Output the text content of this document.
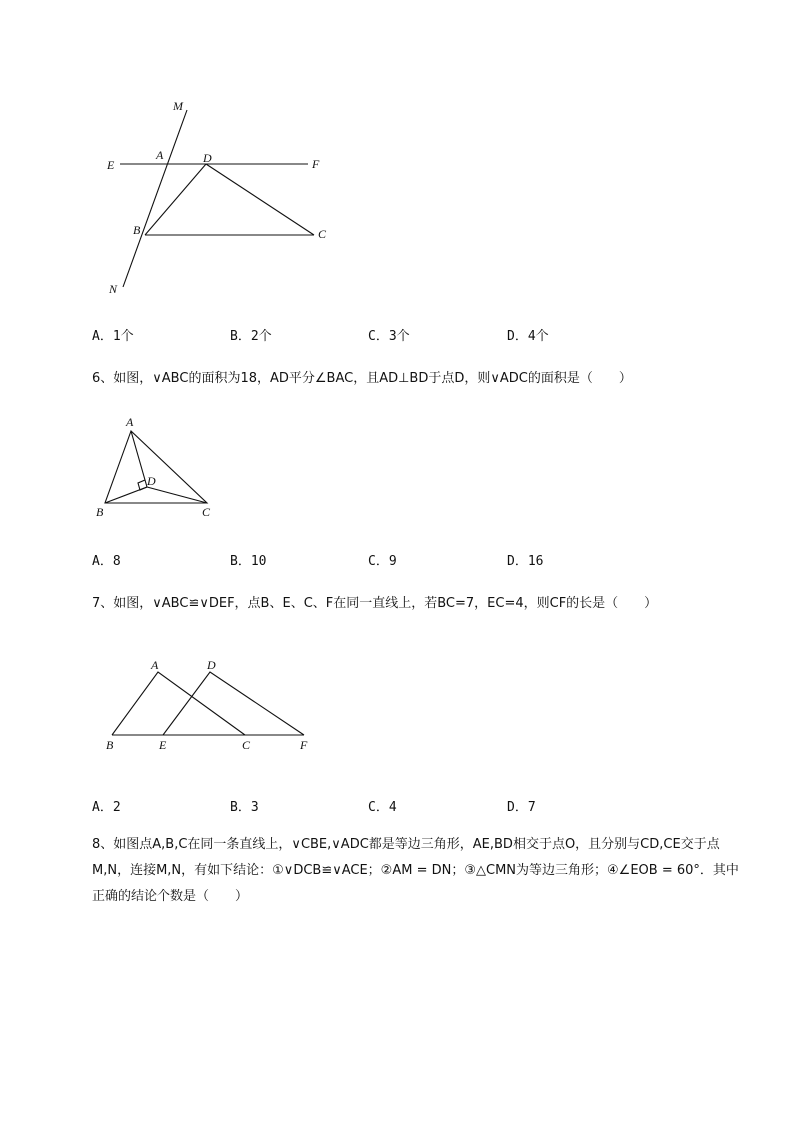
M
A	D
E	F
B	C
N
A．1个	B．2个	C．3个	D．4个
6、如图，∨ABC的面积为18，AD平分∠BAC，且AD⊥BD于点D，则∨ADC的面积是（　　）
A
D
B	C
A．8	B．10	C．9	D．16
7、如图，∨ABC≌∨DEF，点B、E、C、F在同一直线上，若BC=7，EC=4，则CF的长是（　　）
A	D
B	E	C	F
A．2	B．3	C．4	D．7
8、如图点A,B,C在同一条直线上，∨CBE,∨ADC都是等边三角形，AE,BD相交于点O，且分别与CD,CE交于点M,N，连接M,N，有如下结论：①∨DCB≌∨ACE；②AM = DN；③△CMN为等边三角形；④∠EOB = 60°．其中正确的结论个数是（　　）
